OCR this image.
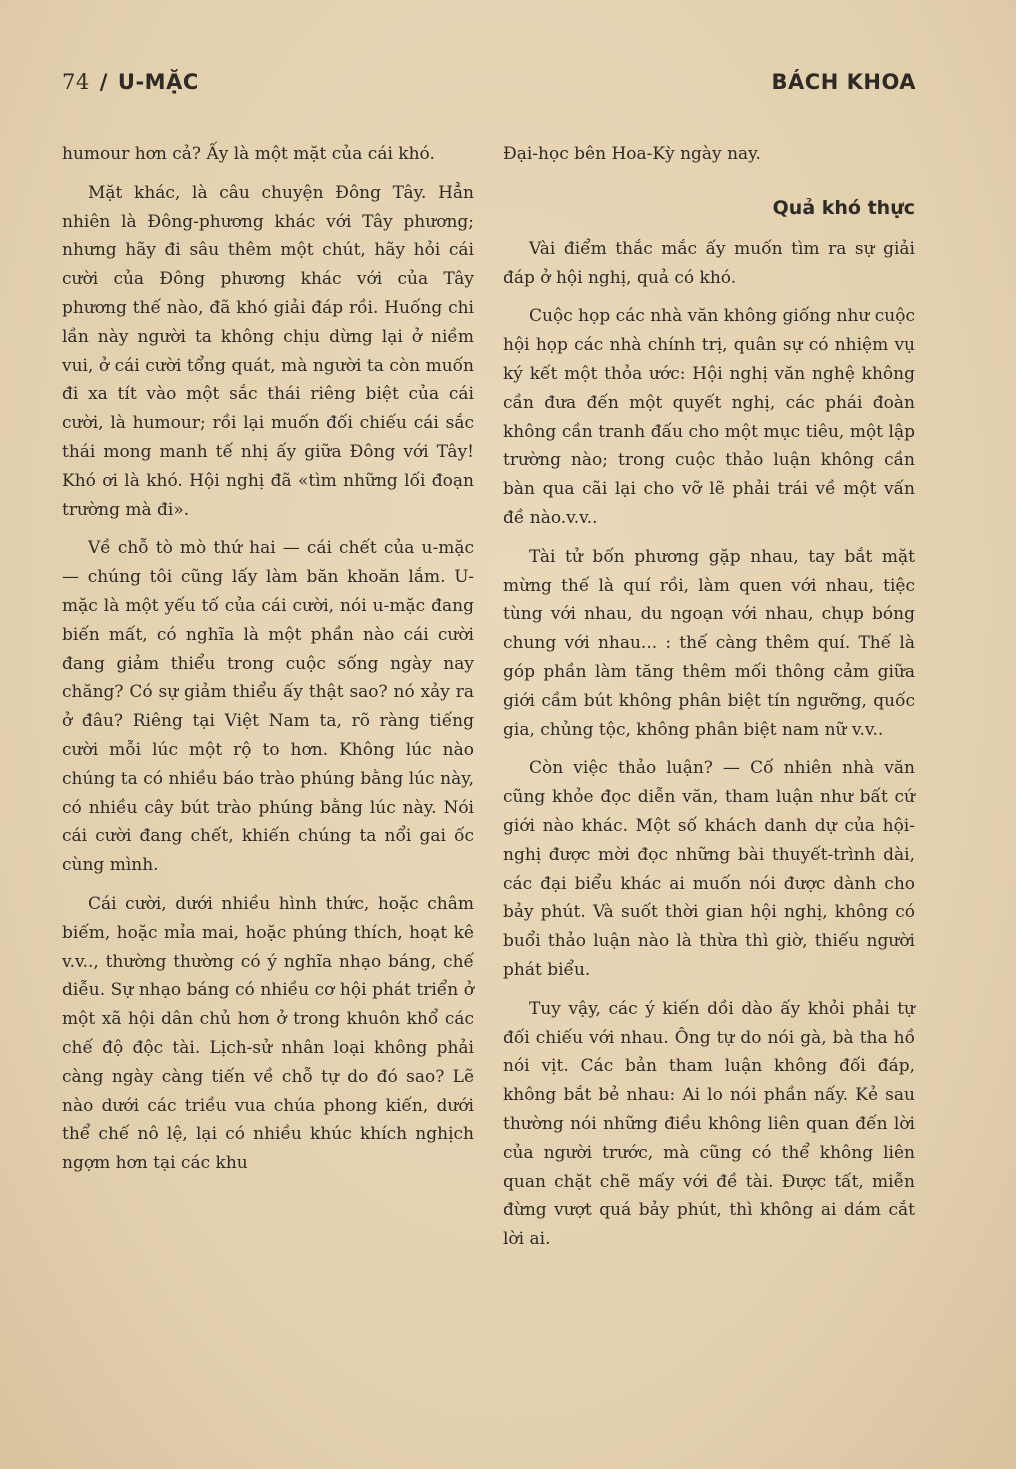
74 / U-MẶC	BÁCH KHOA

humour hơn cả? Ấy là một mặt của cái khó.

Mặt khác, là câu chuyện Đông Tây. Hẳn nhiên là Đông-phương khác với Tây phương; nhưng hãy đi sâu thêm một chút, hãy hỏi cái cười của Đông phương khác với của Tây phương thế nào, đã khó giải đáp rồi. Huống chi lần này người ta không chịu dừng lại ở niềm vui, ở cái cười tổng quát, mà người ta còn muốn đi xa tít vào một sắc thái riêng biệt của cái cười, là humour; rồi lại muốn đối chiếu cái sắc thái mong manh tế nhị ấy giữa Đông với Tây! Khó ơi là khó. Hội nghị đã «tìm những lối đoạn trường mà đi».

Về chỗ tò mò thứ hai — cái chết của u-mặc — chúng tôi cũng lấy làm băn khoăn lắm. U-mặc là một yếu tố của cái cười, nói u-mặc đang biến mất, có nghĩa là một phần nào cái cười đang giảm thiểu trong cuộc sống ngày nay chăng? Có sự giảm thiểu ấy thật sao? nó xảy ra ở đâu? Riêng tại Việt Nam ta, rõ ràng tiếng cười mỗi lúc một rộ to hơn. Không lúc nào chúng ta có nhiều báo trào phúng bằng lúc này, có nhiều cây bút trào phúng bằng lúc này. Nói cái cười đang chết, khiến chúng ta nổi gai ốc cùng mình.

Cái cười, dưới nhiều hình thức, hoặc châm biếm, hoặc mỉa mai, hoặc phúng thích, hoạt kê v.v.., thường thường có ý nghĩa nhạo báng, chế diễu. Sự nhạo báng có nhiều cơ hội phát triển ở một xã hội dân chủ hơn ở trong khuôn khổ các chế độ độc tài. Lịch-sử nhân loại không phải càng ngày càng tiến về chỗ tự do đó sao? Lẽ nào dưới các triều vua chúa phong kiến, dưới thể chế nô lệ, lại có nhiều khúc khích nghịch ngợm hơn tại các khu

Đại-học bên Hoa-Kỳ ngày nay.

Quả khó thực

Vài điểm thắc mắc ấy muốn tìm ra sự giải đáp ở hội nghị, quả có khó.

Cuộc họp các nhà văn không giống như cuộc hội họp các nhà chính trị, quân sự có nhiệm vụ ký kết một thỏa ước: Hội nghị văn nghệ không cần đưa đến một quyết nghị, các phái đoàn không cần tranh đấu cho một mục tiêu, một lập trường nào; trong cuộc thảo luận không cần bàn qua cãi lại cho vỡ lẽ phải trái về một vấn đề nào.v.v..

Tài tử bốn phương gặp nhau, tay bắt mặt mừng thế là quí rồi, làm quen với nhau, tiệc tùng với nhau, du ngoạn với nhau, chụp bóng chung với nhau... : thế càng thêm quí. Thế là góp phần làm tăng thêm mối thông cảm giữa giới cầm bút không phân biệt tín ngưỡng, quốc gia, chủng tộc, không phân biệt nam nữ v.v..

Còn việc thảo luận? — Cố nhiên nhà văn cũng khỏe đọc diễn văn, tham luận như bất cứ giới nào khác. Một số khách danh dự của hội-nghị được mời đọc những bài thuyết-trình dài, các đại biểu khác ai muốn nói được dành cho bảy phút. Và suốt thời gian hội nghị, không có buổi thảo luận nào là thừa thì giờ, thiếu người phát biểu.

Tuy vậy, các ý kiến dồi dào ấy khỏi phải tự đối chiếu với nhau. Ông tự do nói gà, bà tha hồ nói vịt. Các bản tham luận không đối đáp, không bắt bẻ nhau: Ai lo nói phần nấy. Kẻ sau thường nói những điều không liên quan đến lời của người trước, mà cũng có thể không liên quan chặt chẽ mấy với đề tài. Được tất, miễn đừng vượt quá bảy phút, thì không ai dám cắt lời ai.
